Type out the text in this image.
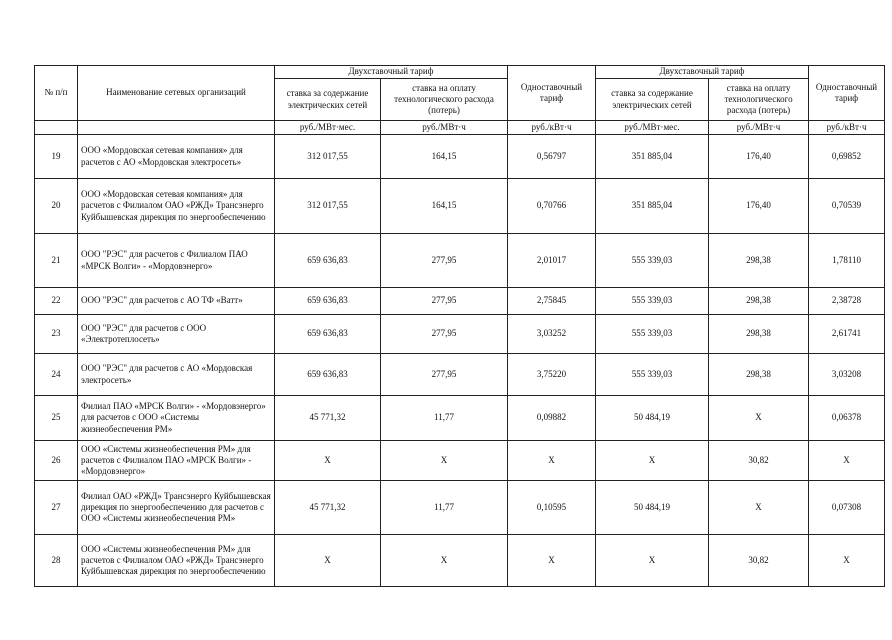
№ п/п	Наименование сетевых организаций	Двухставочный тариф		Одноставочный тариф	Двухставочный тариф		Одноставочный тариф
		ставка за содержание электрических сетей	ставка на оплату технологического расхода (потерь)		ставка за содержание электрических сетей	ставка на оплату технологического расхода (потерь)	
		руб./МВт·мес.	руб./МВт·ч	руб./кВт·ч	руб./МВт·мес.	руб./МВт·ч	руб./кВт·ч
19	ООО «Мордовская сетевая компания» для расчетов с АО «Мордовская электросеть»	312 017,55	164,15	0,56797	351 885,04	176,40	0,69852
20	ООО «Мордовская сетевая компания» для расчетов с Филиалом ОАО «РЖД» Трансэнерго Куйбышевская дирекция по энергообеспечению	312 017,55	164,15	0,70766	351 885,04	176,40	0,70539
21	ООО "РЭС" для расчетов с Филиалом ПАО «МРСК Волги» - «Мордовэнерго»	659 636,83	277,95	2,01017	555 339,03	298,38	1,78110
22	ООО "РЭС" для расчетов с АО ТФ «Ватт»	659 636,83	277,95	2,75845	555 339,03	298,38	2,38728
23	ООО "РЭС" для расчетов с ООО «Электротеплосеть»	659 636,83	277,95	3,03252	555 339,03	298,38	2,61741
24	ООО "РЭС" для расчетов с АО «Мордовская электросеть»	659 636,83	277,95	3,75220	555 339,03	298,38	3,03208
25	Филиал ПАО «МРСК Волги» - «Мордовэнерго» для расчетов с ООО «Системы жизнеобеспечения РМ»	45 771,32	11,77	0,09882	50 484,19	X	0,06378
26	ООО «Системы жизнеобеспечения РМ» для расчетов с Филиалом ПАО «МРСК Волги» - «Мордовэнерго»	X	X	X	X	30,82	X
27	Филиал ОАО «РЖД» Трансэнерго Куйбышевская дирекция по энергообеспечению для расчетов с ООО «Системы жизнеобеспечения РМ»	45 771,32	11,77	0,10595	50 484,19	X	0,07308
28	ООО «Системы жизнеобеспечения РМ» для расчетов с Филиалом ОАО «РЖД» Трансэнерго Куйбышевская дирекция по энергообеспечению	X	X	X	X	30,82	X
